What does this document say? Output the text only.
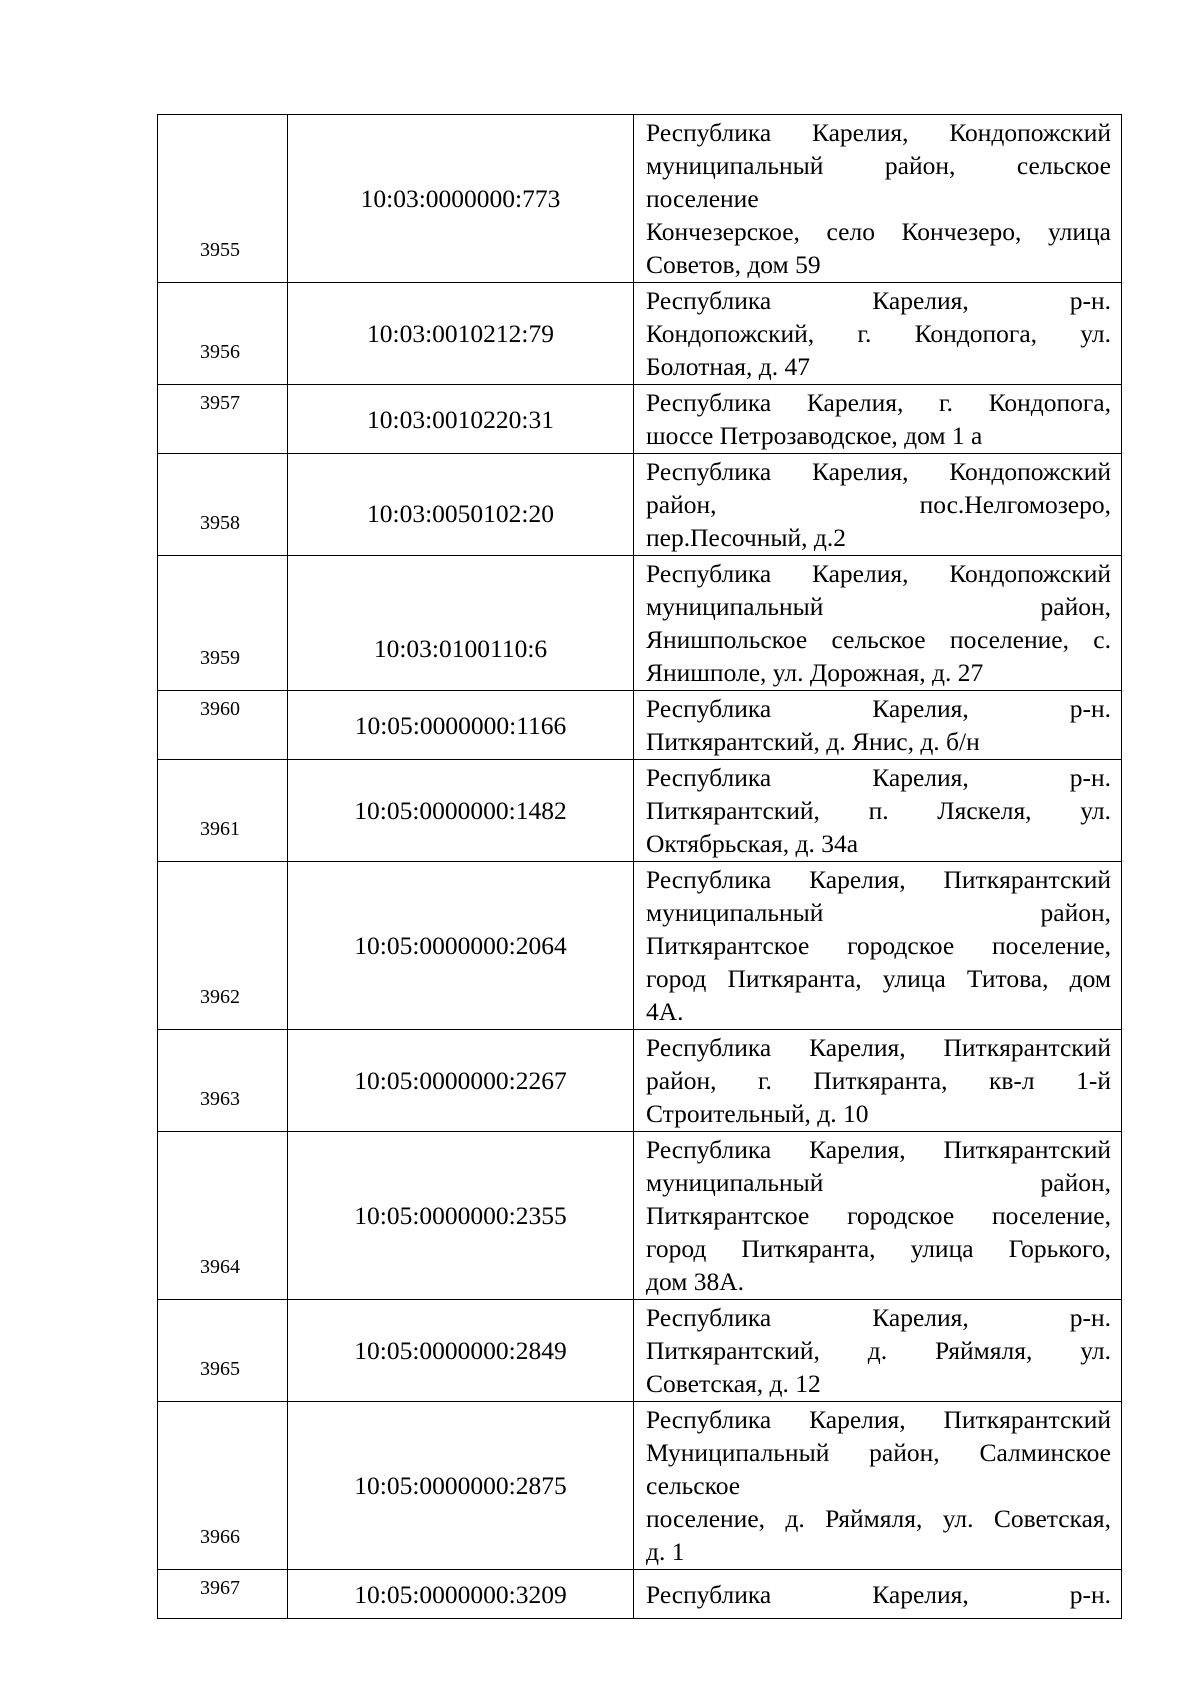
3955	10:03:0000000:773	Республика Карелия, Кондопожский
муниципальный район, сельское
поселение
Кончезерское, село Кончезеро, улица
Советов, дом 59

3956	10:03:0010212:79	Республика Карелия, р-н.
Кондопожский, г. Кондопога, ул.
Болотная, д. 47

3957	10:03:0010220:31	Республика Карелия, г. Кондопога,
шоссе Петрозаводское, дом 1 а

3958	10:03:0050102:20	Республика Карелия, Кондопожский
район, пос.Нелгомозеро,
пер.Песочный, д.2

3959	10:03:0100110:6	Республика Карелия, Кондопожский
муниципальный район,
Янишпольское сельское поселение, с.
Янишполе, ул. Дорожная, д. 27

3960	10:05:0000000:1166	Республика Карелия, р-н.
Питкярантский, д. Янис, д. б/н

3961	10:05:0000000:1482	Республика Карелия, р-н.
Питкярантский, п. Ляскеля, ул.
Октябрьская, д. 34а

3962	10:05:0000000:2064	Республика Карелия, Питкярантский
муниципальный район,
Питкярантское городское поселение,
город Питкяранта, улица Титова, дом
4А.

3963	10:05:0000000:2267	Республика Карелия, Питкярантский
район, г. Питкяранта, кв-л 1-й
Строительный, д. 10

3964	10:05:0000000:2355	Республика Карелия, Питкярантский
муниципальный район,
Питкярантское городское поселение,
город Питкяранта, улица Горького,
дом 38А.

3965	10:05:0000000:2849	Республика Карелия, р-н.
Питкярантский, д. Ряймяля, ул.
Советская, д. 12

3966	10:05:0000000:2875	Республика Карелия, Питкярантский
Муниципальный район, Салминское
сельское
поселение, д. Ряймяля, ул. Советская,
д. 1

3967	10:05:0000000:3209	Республика Карелия, р-н.
